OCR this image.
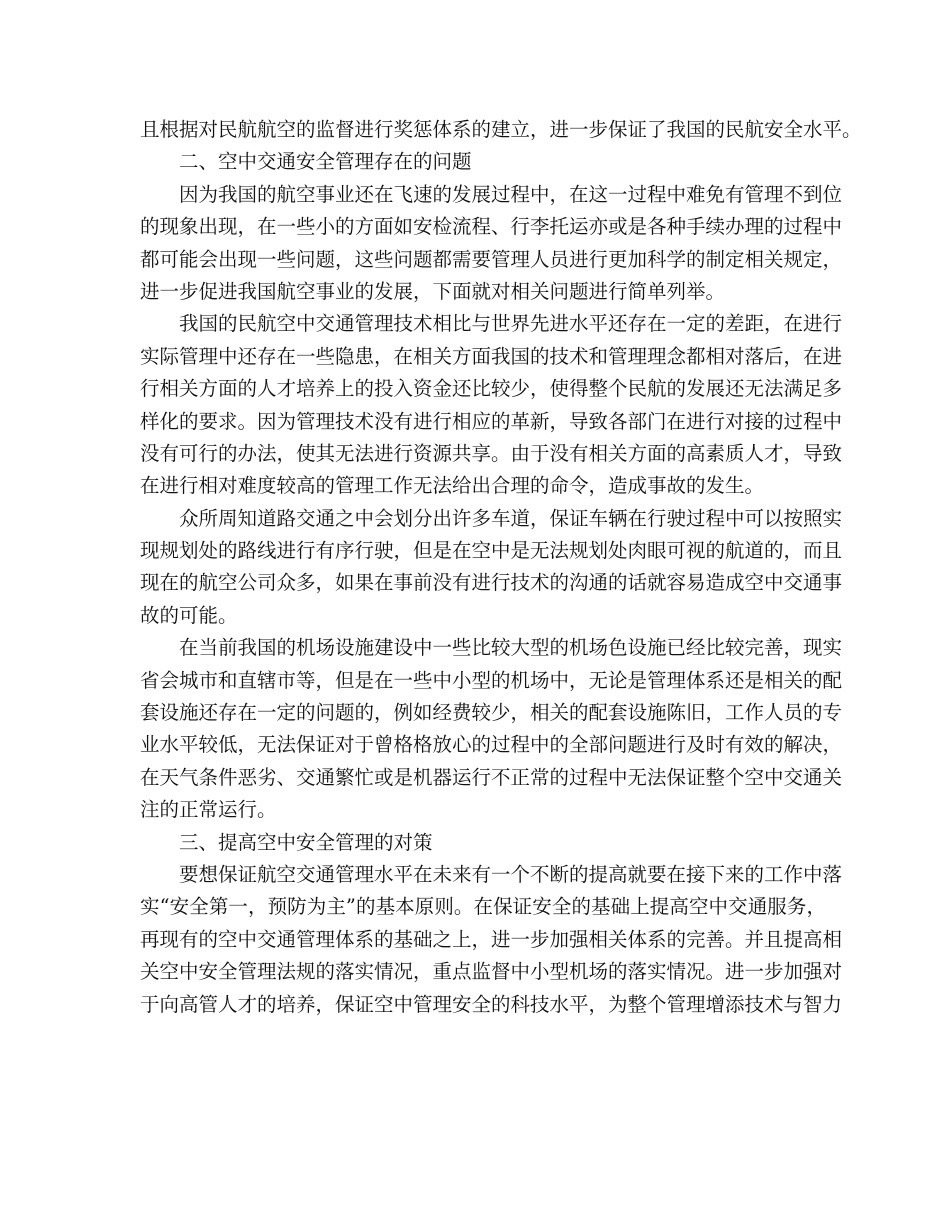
且根据对民航航空的监督进行奖惩体系的建立，进一步保证了我国的民航安全水平。
二、空中交通安全管理存在的问题
因为我国的航空事业还在飞速的发展过程中，在这一过程中难免有管理不到位
的现象出现，在一些小的方面如安检流程、行李托运亦或是各种手续办理的过程中
都可能会出现一些问题，这些问题都需要管理人员进行更加科学的制定相关规定，
进一步促进我国航空事业的发展，下面就对相关问题进行简单列举。
我国的民航空中交通管理技术相比与世界先进水平还存在一定的差距，在进行
实际管理中还存在一些隐患，在相关方面我国的技术和管理理念都相对落后，在进
行相关方面的人才培养上的投入资金还比较少，使得整个民航的发展还无法满足多
样化的要求。因为管理技术没有进行相应的革新，导致各部门在进行对接的过程中
没有可行的办法，使其无法进行资源共享。由于没有相关方面的高素质人才，导致
在进行相对难度较高的管理工作无法给出合理的命令，造成事故的发生。
众所周知道路交通之中会划分出许多车道，保证车辆在行驶过程中可以按照实
现规划处的路线进行有序行驶，但是在空中是无法规划处肉眼可视的航道的，而且
现在的航空公司众多，如果在事前没有进行技术的沟通的话就容易造成空中交通事
故的可能。
在当前我国的机场设施建设中一些比较大型的机场色设施已经比较完善，现实
省会城市和直辖市等，但是在一些中小型的机场中，无论是管理体系还是相关的配
套设施还存在一定的问题的，例如经费较少，相关的配套设施陈旧，工作人员的专
业水平较低，无法保证对于曾格格放心的过程中的全部问题进行及时有效的解决，
在天气条件恶劣、交通繁忙或是机器运行不正常的过程中无法保证整个空中交通关
注的正常运行。
三、提高空中安全管理的对策
要想保证航空交通管理水平在未来有一个不断的提高就要在接下来的工作中落
实“安全第一，预防为主”的基本原则。在保证安全的基础上提高空中交通服务，
再现有的空中交通管理体系的基础之上，进一步加强相关体系的完善。并且提高相
关空中安全管理法规的落实情况，重点监督中小型机场的落实情况。进一步加强对
于向高管人才的培养，保证空中管理安全的科技水平，为整个管理增添技术与智力
